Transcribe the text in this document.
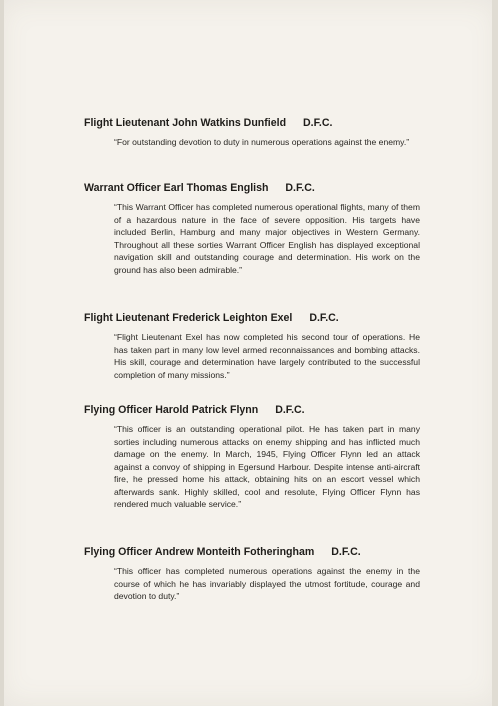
Flight Lieutenant John Watkins Dunfield D.F.C.
“For outstanding devotion to duty in numerous operations against the enemy.”
Warrant Officer Earl Thomas English D.F.C.
“This Warrant Officer has completed numerous operational flights, many of them of a hazardous nature in the face of severe opposition. His targets have included Berlin, Hamburg and many major objectives in Western Germany. Throughout all these sorties Warrant Officer English has displayed exceptional navigation skill and outstanding courage and determination. His work on the ground has also been admirable.”
Flight Lieutenant Frederick Leighton Exel D.F.C.
“Flight Lieutenant Exel has now completed his second tour of operations. He has taken part in many low level armed reconnaissances and bombing attacks. His skill, courage and determination have largely contributed to the successful completion of many missions.”
Flying Officer Harold Patrick Flynn D.F.C.
“This officer is an outstanding operational pilot. He has taken part in many sorties including numerous attacks on enemy shipping and has inflicted much damage on the enemy. In March, 1945, Flying Officer Flynn led an attack against a convoy of shipping in Egersund Harbour. Despite intense anti-aircraft fire, he pressed home his attack, obtaining hits on an escort vessel which afterwards sank. Highly skilled, cool and resolute, Flying Officer Flynn has rendered much valuable service.”
Flying Officer Andrew Monteith Fotheringham D.F.C.
“This officer has completed numerous operations against the enemy in the course of which he has invariably displayed the utmost fortitude, courage and devotion to duty.”
